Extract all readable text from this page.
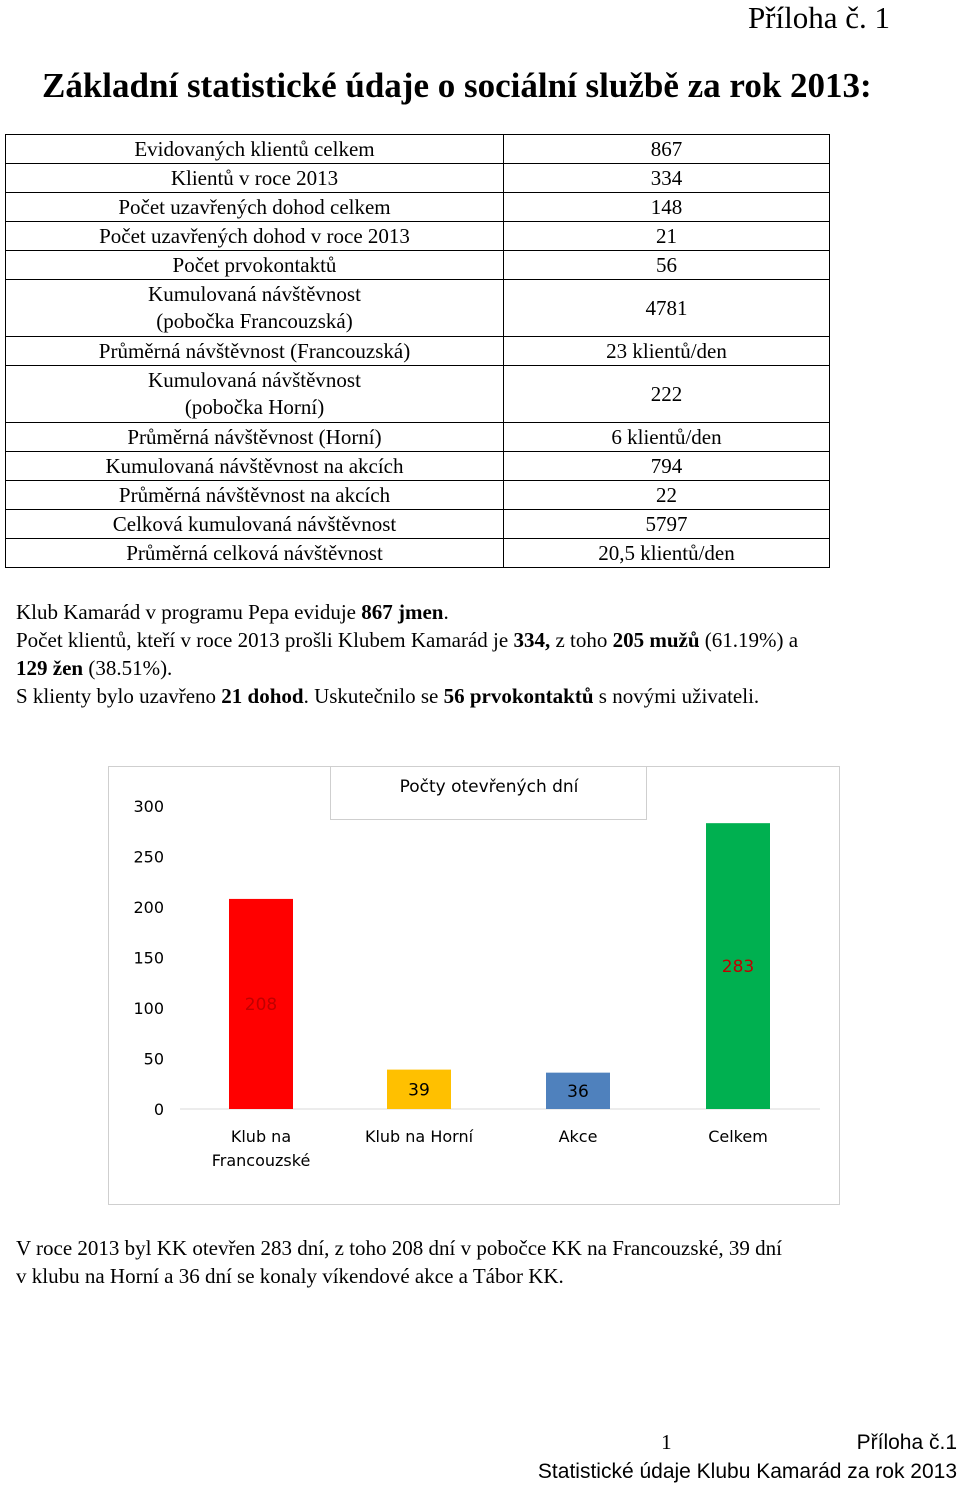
Příloha č. 1
Základní statistické údaje o sociální službě za rok 2013:
Evidovaných klientů celkem	867

Klientů v roce 2013	334

Počet uzavřených dohod celkem	148

Počet uzavřených dohod v roce 2013	21

Počet prvokontaktů	56

Kumulovaná návštěvnost
(pobočka Francouzská)	4781

Průměrná návštěvnost (Francouzská)	23 klientů/den

Kumulovaná návštěvnost
(pobočka Horní)	222

Průměrná návštěvnost (Horní)	6 klientů/den

Kumulovaná návštěvnost na akcích	794

Průměrná návštěvnost na akcích	22

Celková kumulovaná návštěvnost	5797

Průměrná celková návštěvnost	20,5 klientů/den

Klub Kamarád v programu Pepa eviduje 867 jmen.

Počet klientů, kteří v roce 2013 prošli Klubem Kamarád je 334, z toho 205 mužů (61.19%) a

129 žen (38.51%).

S klienty bylo uzavřeno 21 dohod. Uskutečnilo se 56 prvokontaktů s novými uživateli.

Počty otevřených dní
0
50
100
150
200
250
300
208
Klub na
Francouzské
39
Klub na Horní
36
Akce
283
Celkem

V roce 2013 byl KK otevřen 283 dní, z toho 208 dní v pobočce KK na Francouzské, 39 dní

v klubu na Horní a 36 dní se konaly víkendové akce a Tábor KK.

1	Příloha č.1
Statistické údaje Klubu Kamarád za rok 2013
